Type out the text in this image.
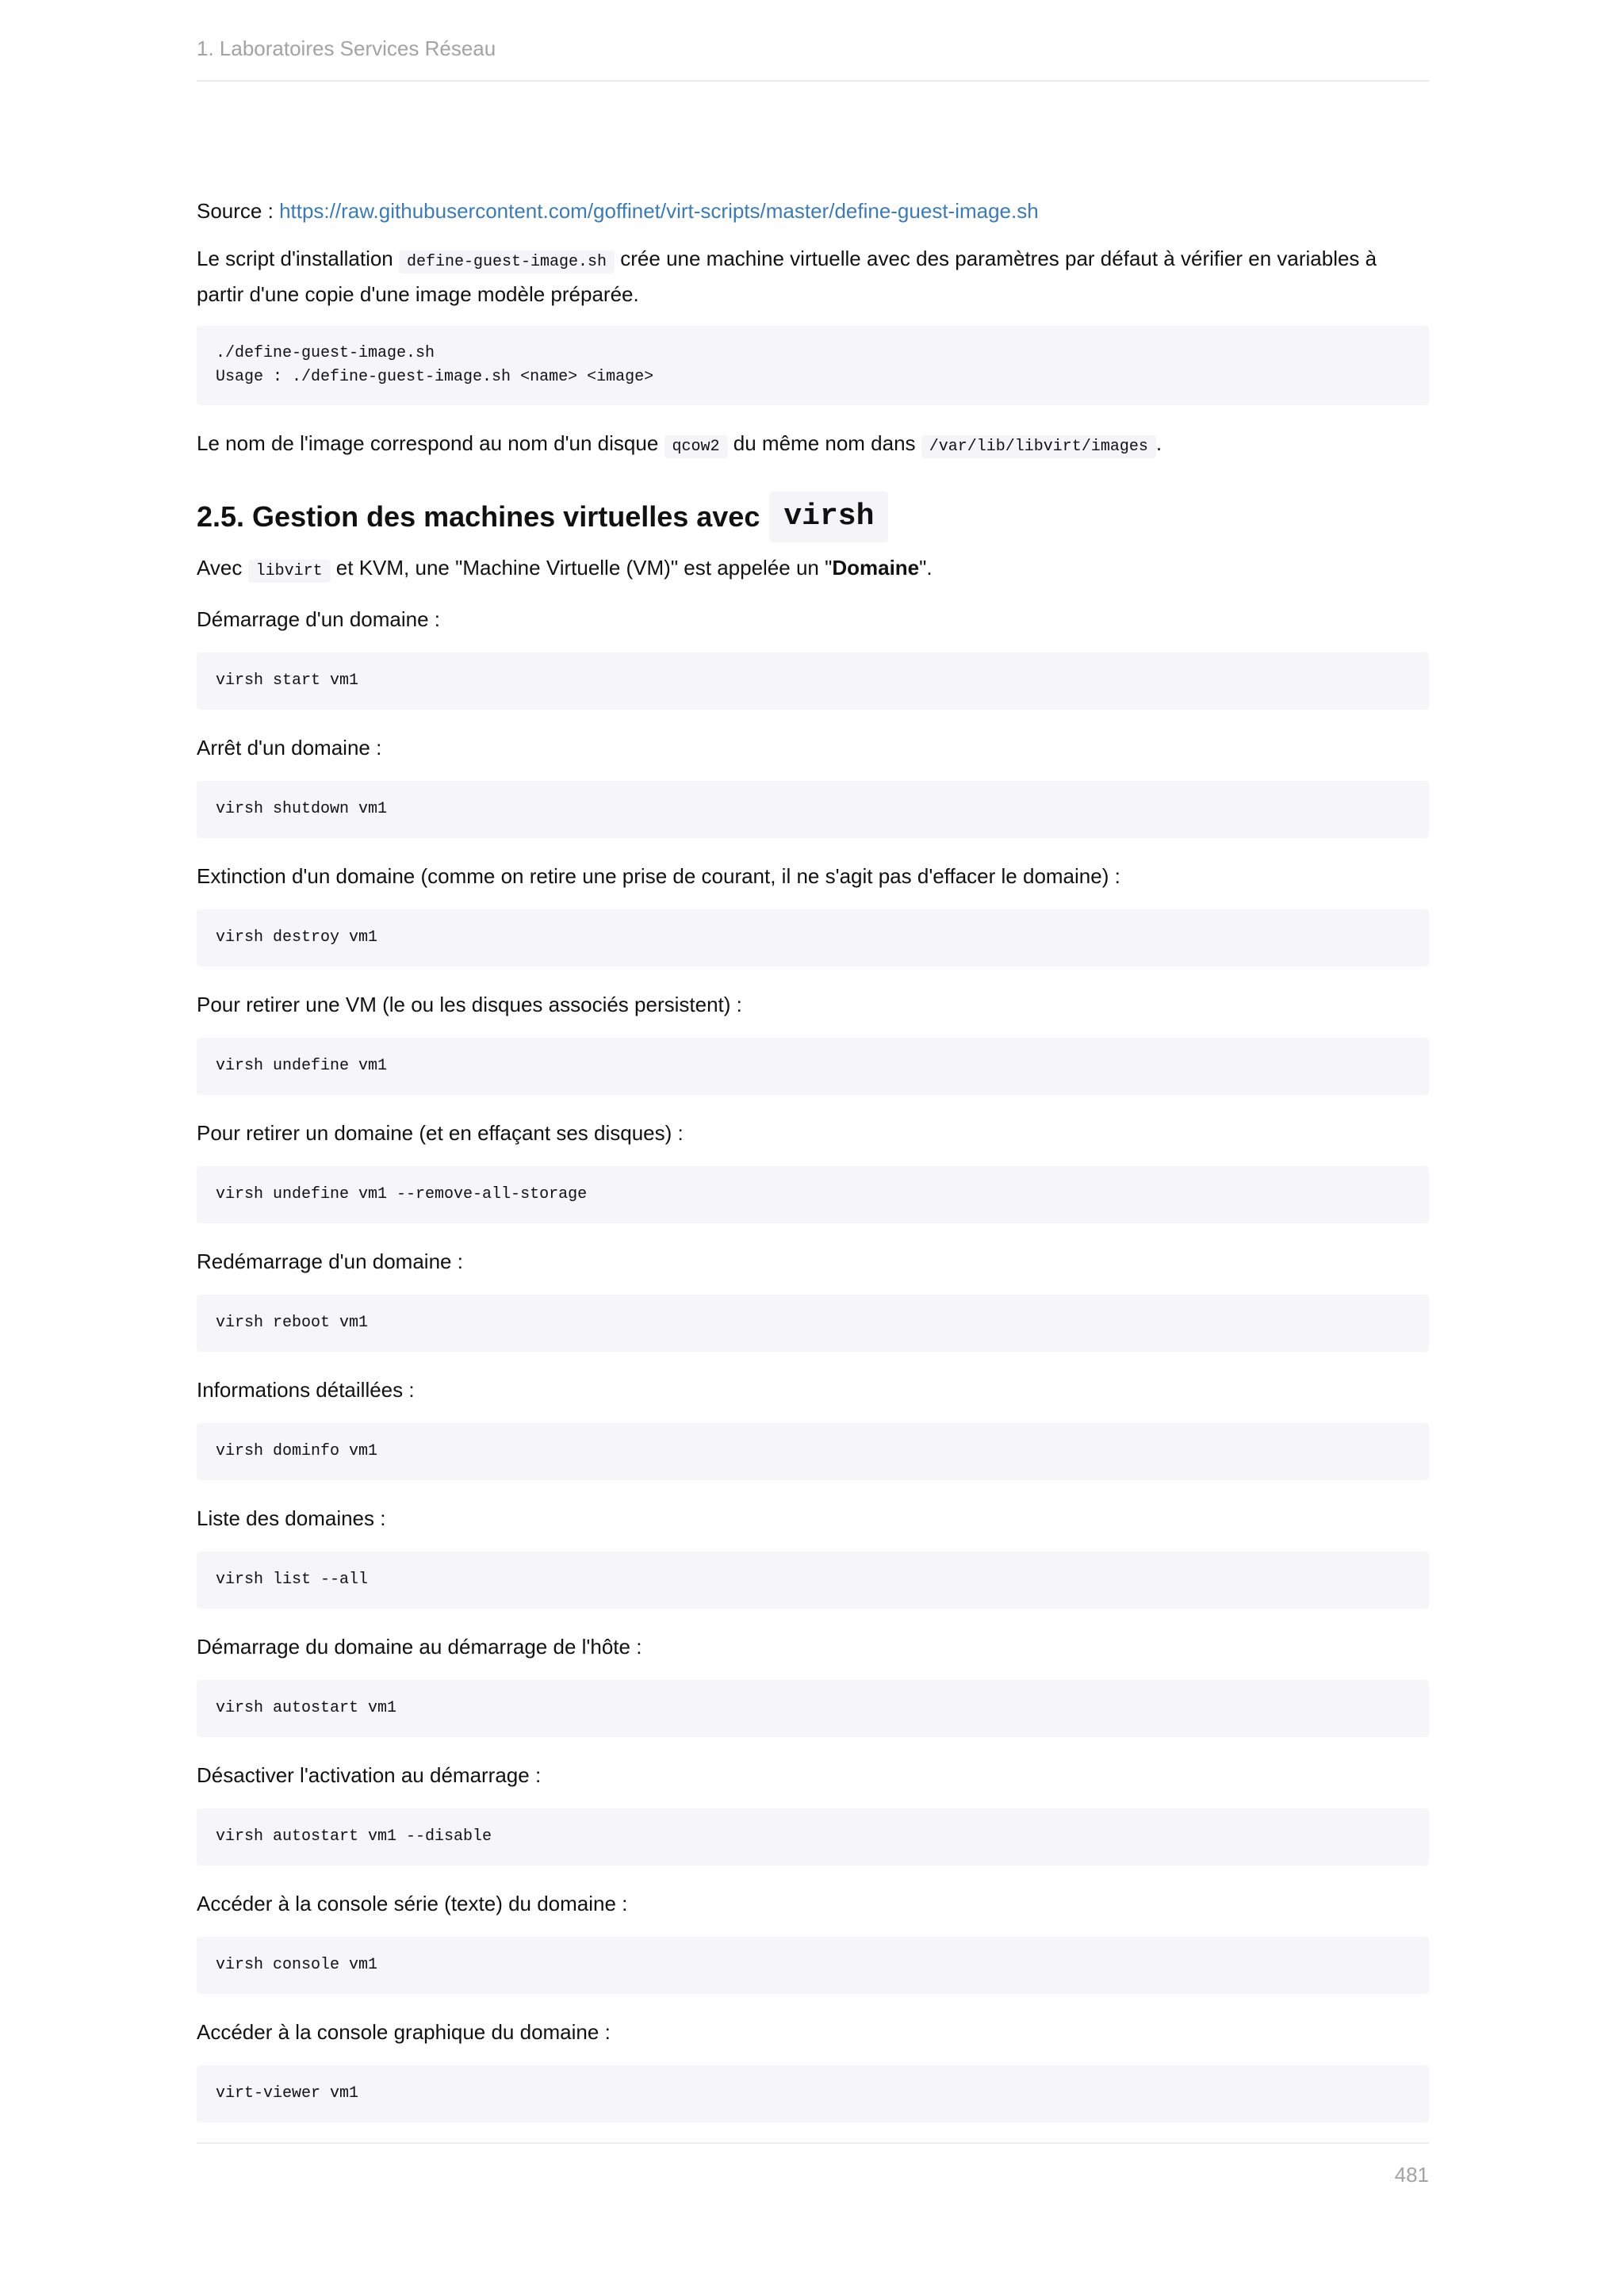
1. Laboratoires Services Réseau

Source : https://raw.githubusercontent.com/goffinet/virt-scripts/master/define-guest-image.sh

Le script d'installation define-guest-image.sh crée une machine virtuelle avec des paramètres par défaut à vérifier en variables à partir d'une copie d'une image modèle préparée.

./define-guest-image.sh
Usage : ./define-guest-image.sh <name> <image>

Le nom de l'image correspond au nom d'un disque qcow2 du même nom dans /var/lib/libvirt/images .

2.5. Gestion des machines virtuelles avec virsh

Avec libvirt et KVM, une "Machine Virtuelle (VM)" est appelée un "Domaine".

Démarrage d'un domaine :

virsh start vm1

Arrêt d'un domaine :

virsh shutdown vm1

Extinction d'un domaine (comme on retire une prise de courant, il ne s'agit pas d'effacer le domaine) :

virsh destroy vm1

Pour retirer une VM (le ou les disques associés persistent) :

virsh undefine vm1

Pour retirer un domaine (et en effaçant ses disques) :

virsh undefine vm1 --remove-all-storage

Redémarrage d'un domaine :

virsh reboot vm1

Informations détaillées :

virsh dominfo vm1

Liste des domaines :

virsh list --all

Démarrage du domaine au démarrage de l'hôte :

virsh autostart vm1

Désactiver l'activation au démarrage :

virsh autostart vm1 --disable

Accéder à la console série (texte) du domaine :

virsh console vm1

Accéder à la console graphique du domaine :

virt-viewer vm1
481
